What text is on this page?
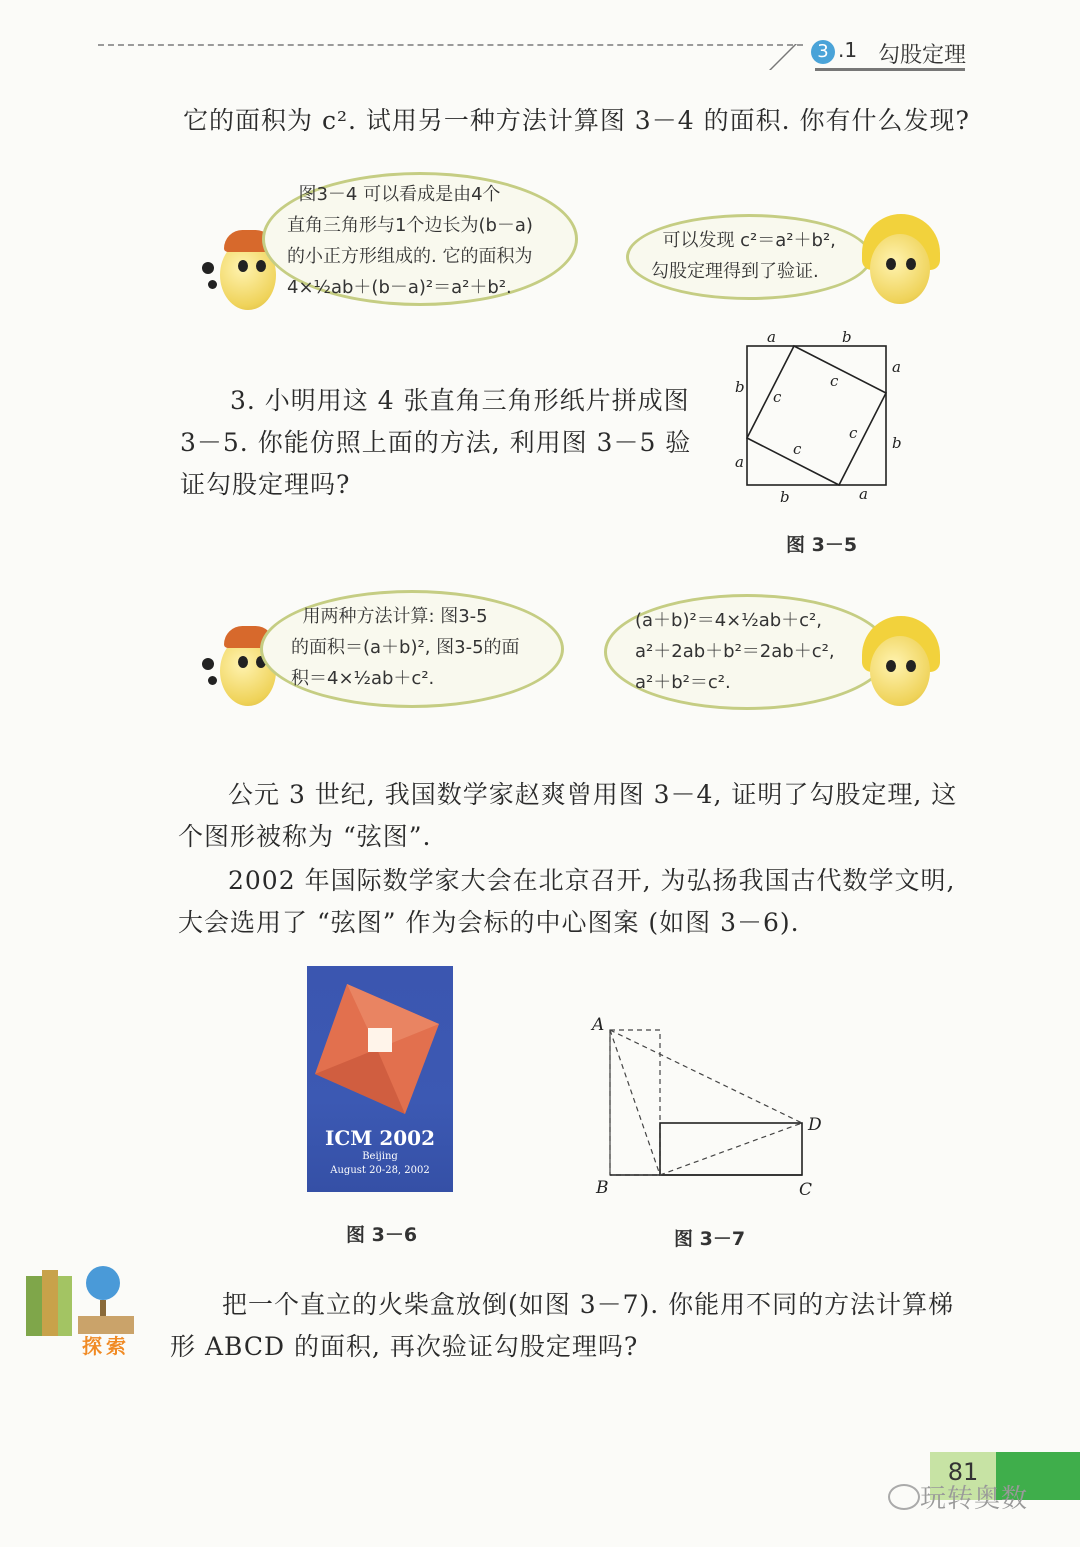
3 .1 勾股定理
它的面积为 c². 试用另一种方法计算图 3－4 的面积. 你有什么发现?
图3－4 可以看成是由4个
直角三角形与1个边长为(b－a)
的小正方形组成的. 它的面积为
4×½ab＋(b－a)²＝a²＋b².
可以发现 c²＝a²＋b²,
勾股定理得到了验证.
3. 小明用这 4 张直角三角形纸片拼成图
3－5. 你能仿照上面的方法, 利用图 3－5 验
证勾股定理吗?
a	b
a
b
b	a
b
a
c
c
c
c
图 3－5
用两种方法计算: 图3-5
的面积＝(a＋b)², 图3-5的面
积＝4×½ab＋c².
(a＋b)²＝4×½ab＋c²,
a²＋2ab＋b²＝2ab＋c²,
a²＋b²＝c².
公元 3 世纪, 我国数学家赵爽曾用图 3－4, 证明了勾股定理, 这
个图形被称为 “弦图”.
2002 年国际数学家大会在北京召开, 为弘扬我国古代数学文明,
大会选用了 “弦图” 作为会标的中心图案 (如图 3－6).
ICM 2002
Beijing
August 20-28, 2002
图 3－6
A
B	C
D
图 3－7
探索
把一个直立的火柴盒放倒(如图 3－7). 你能用不同的方法计算梯
形 ABCD 的面积, 再次验证勾股定理吗?
81
玩转奥数
